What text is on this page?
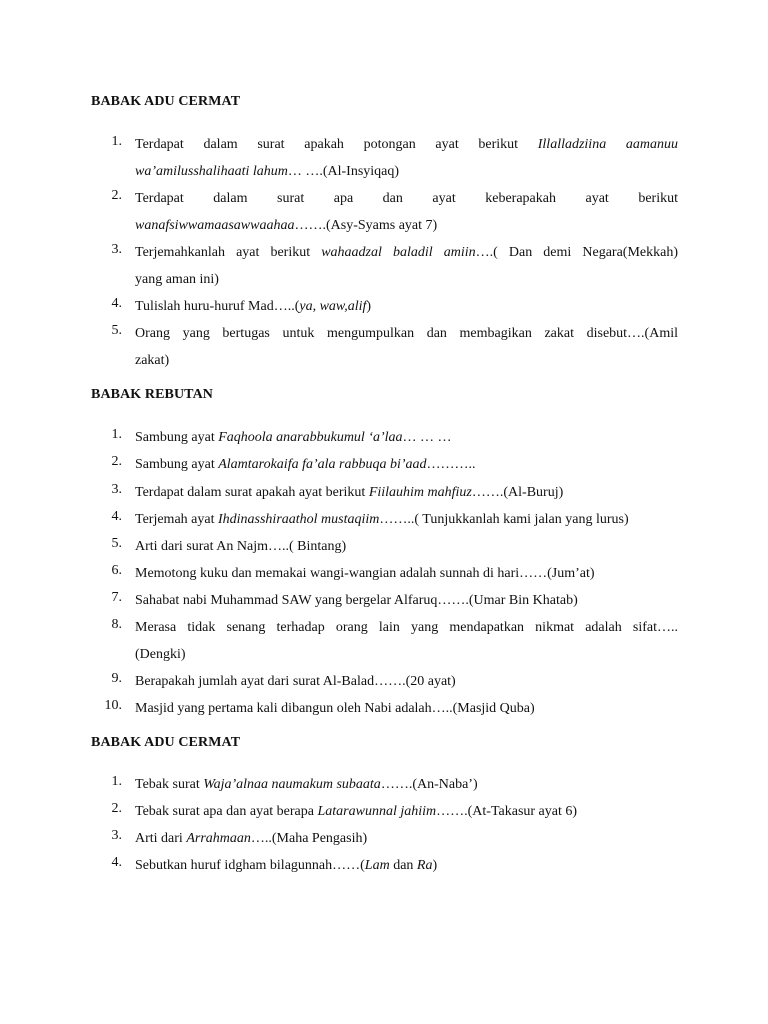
BABAK ADU CERMAT
1. Terdapat dalam surat apakah potongan ayat berikut Illalladziina aamanuu
wa’amilusshalihaati lahum… ….(Al-Insyiqaq)
2. Terdapat dalam surat apa dan ayat keberapakah ayat berikut
wanafsiwwamaasawwaahaa…….(Asy-Syams ayat 7)
3. Terjemahkanlah ayat berikut wahaadzal baladil amiin….( Dan demi Negara(Mekkah)
yang aman ini)
4. Tulislah huru-huruf Mad…..(ya, waw,alif)
5. Orang yang bertugas untuk mengumpulkan dan membagikan zakat disebut….(Amil
zakat)
BABAK REBUTAN
1. Sambung ayat Faqhoola anarabbukumul ‘a’laa… … …
2. Sambung ayat Alamtarokaifa fa’ala rabbuqa bi’aad………..
3. Terdapat dalam surat apakah ayat berikut Fiilauhim mahfiuz…….(Al-Buruj)
4. Terjemah ayat Ihdinasshiraathol mustaqiim……..( Tunjukkanlah kami jalan yang lurus)
5. Arti dari surat An Najm…..( Bintang)
6. Memotong kuku dan memakai wangi-wangian adalah sunnah di hari……(Jum’at)
7. Sahabat nabi Muhammad SAW yang bergelar Alfaruq…….(Umar Bin Khatab)
8. Merasa tidak senang terhadap orang lain yang mendapatkan nikmat adalah sifat…..
(Dengki)
9. Berapakah jumlah ayat dari surat Al-Balad…….(20 ayat)
10. Masjid yang pertama kali dibangun oleh Nabi adalah…..(Masjid Quba)
BABAK ADU CERMAT
1. Tebak surat Waja’alnaa naumakum subaata…….(An-Naba’)
2. Tebak surat apa dan ayat berapa Latarawunnal jahiim…….(At-Takasur ayat 6)
3. Arti dari Arrahmaan…..(Maha Pengasih)
4. Sebutkan huruf idgham bilagunnah……(Lam dan Ra)
